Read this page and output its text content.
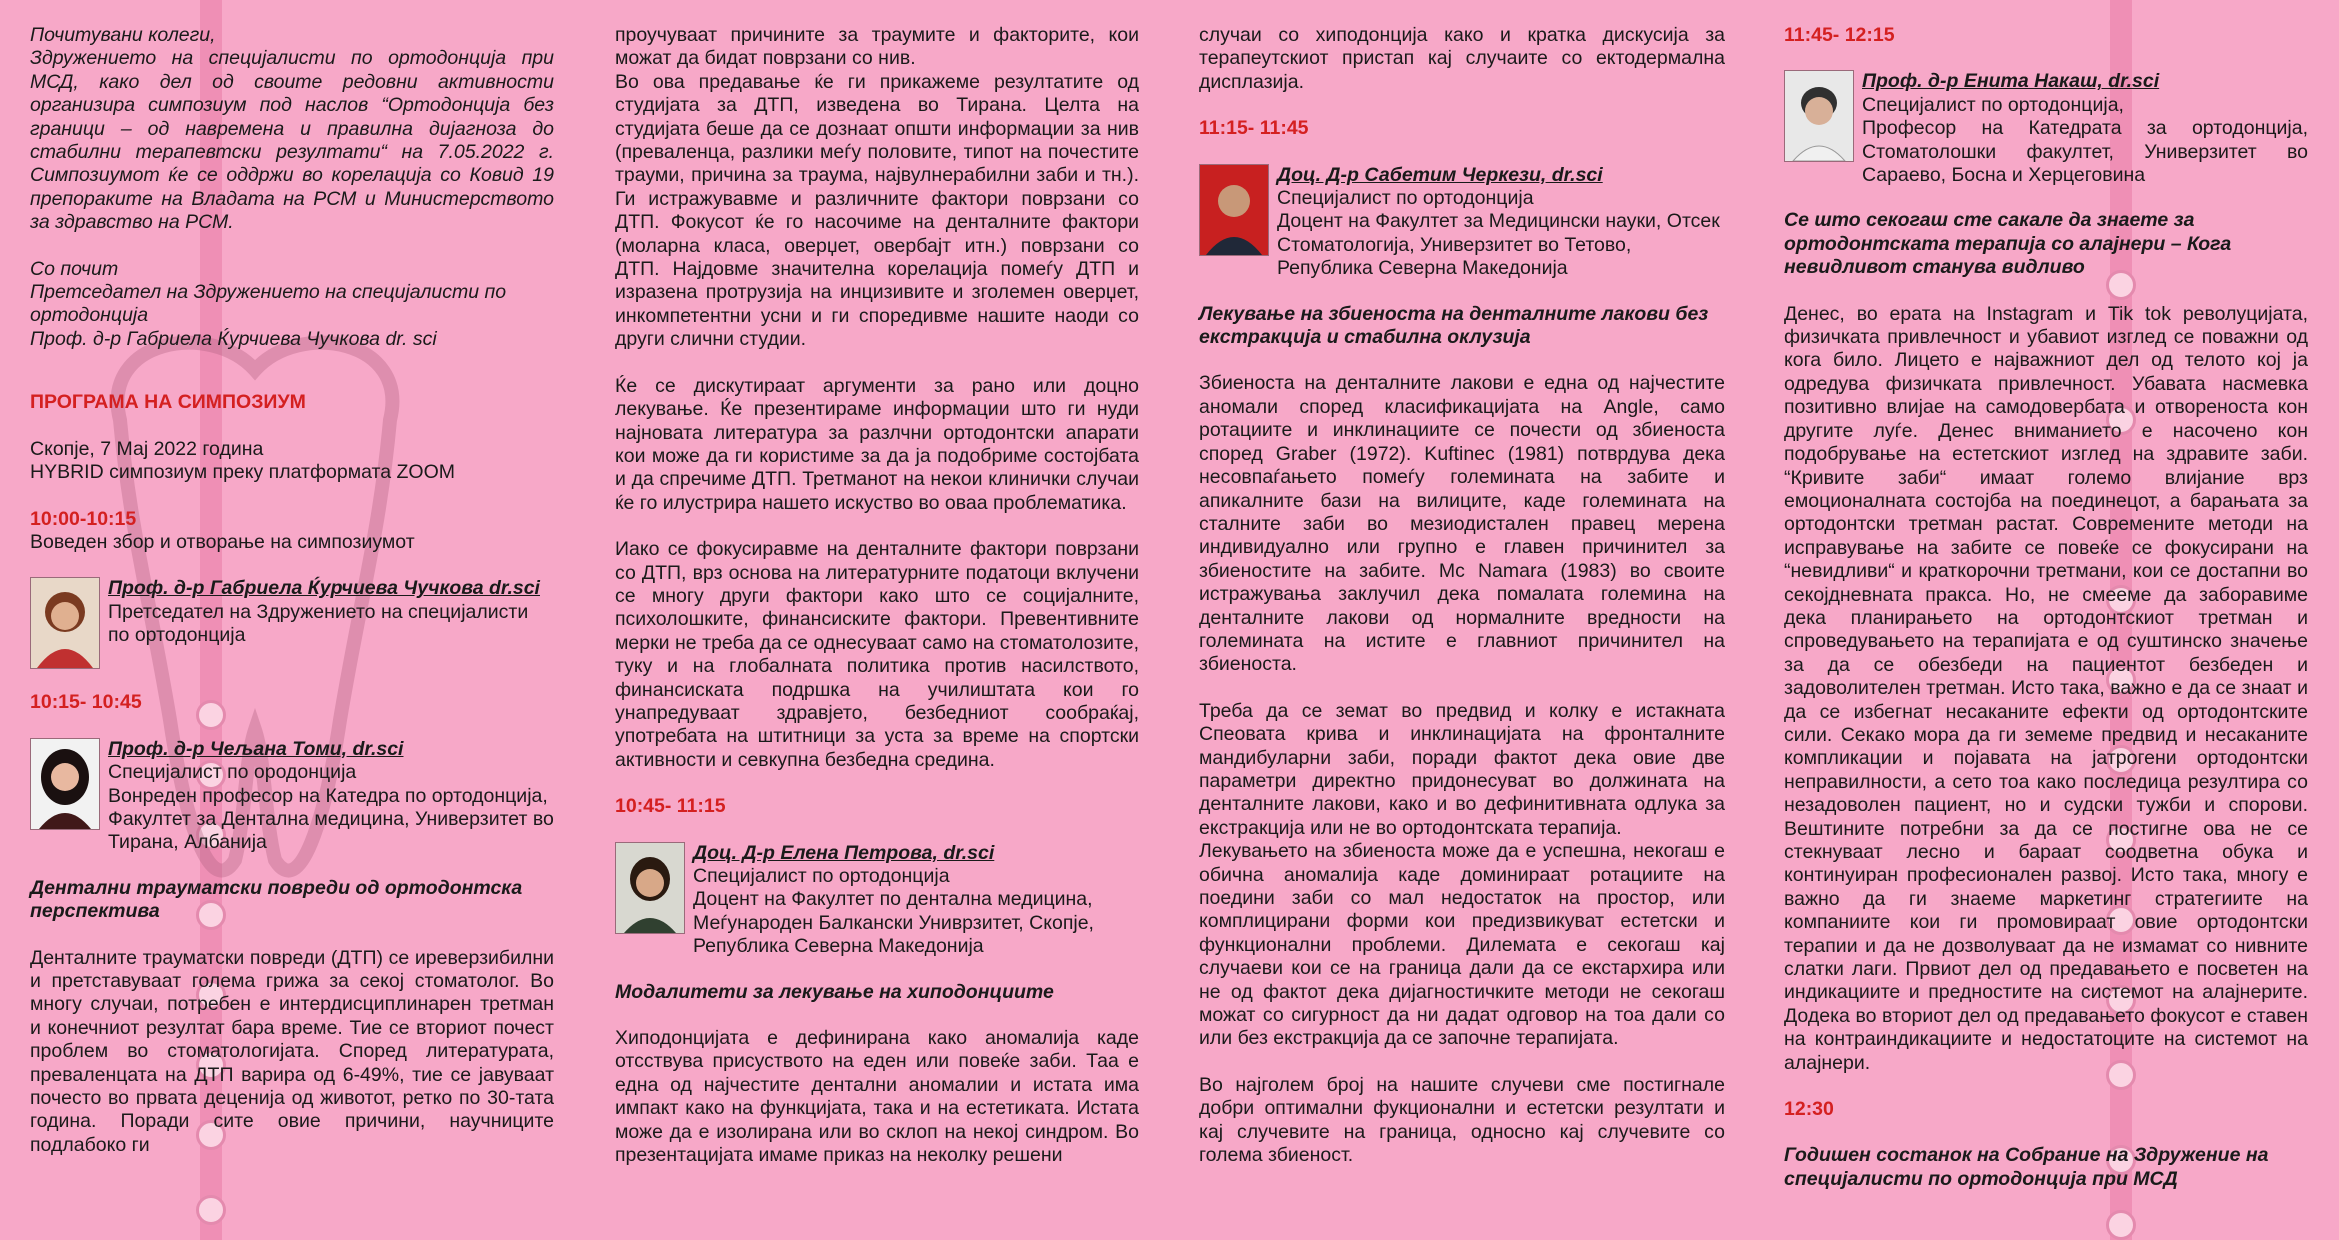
Почитувани колеги,

Здружението на специјалисти по ортодонција при МСД, како дел од своите редовни активности организира симпозиум под наслов “Ортодонција без граници – од навремена и правилна дијагноза до стабилни терапевтски резултати“ на 7.05.2022 г. Симпозиумот ќе се оддржи во корелација со Ковид 19 препораките на Владата на РСМ и Министерството за здравство на РСМ.

Со почит
Претседател на Здружението на специјалисти по ортодонција
Проф. д-р Габриела Ќурчиева Чучкова dr. sci
ПРОГРАМА НА СИМПОЗИУМ
Скопје, 7 Мај 2022 година
HYBRID симпозиум преку платформата ZOOM
10:00-10:15
Воведен збор и отворање на симпозиумот
Проф. д-р Габриела Ќурчиева Чучкова dr.sci
Претседател на Здружението на специјалисти по ортодонција
10:15- 10:45
Проф. д-р Чељана Toмu, dr.sci
Специјалист по ородонција
Вонреден професор на Катедра по ортодонција, Факултет за Дентална медицина, Универзитет во Тирана, Албанија
Дентални трауматски повреди од ортодонтска перспектива

Денталните трауматски повреди (ДТП) се иреверзибилни и претставуваат голема грижа за секој стоматолог. Во многу случаи, потребен е интердисциплинарен третман и конечниот резултат бара време. Тие се вториот почест проблем во стоматологијата. Според литературата, преваленцата на ДТП варира од 6-49%, тие се јавуваат почесто во првата деценија од животот, ретко по 30-тата година. Поради сите овие причини, научниците подлабоко ги

проучуваат причините за траумите и факторите, кои можат да бидат поврзани со нив.
Во ова предавање ќе ги прикажеме резултатите од студијата за ДТП, изведена во Тирана. Целта на студијата беше да се дознаат општи информации за нив (преваленца, разлики меѓу половите, типот на почестите трауми, причина за траума, највулнерабилни заби и тн.). Ги истражувавме и различните фактори поврзани со ДТП. Фокусот ќе го насочиме на денталните фактори (моларна класа, оверџет, овербајт итн.) поврзани со ДТП. Најдовме значителна корелација помеѓу ДТП и изразена протрузија на инцизивите и зголемен оверџет, инкомпетентни усни и ги споредивме нашите наоди со други слични студии.

Ќе се дискутираат аргументи за рано или доцно лекување. Ќе презентираме информации што ги нуди најновата литература за разлчни ортодонтски апарати кои може да ги користиме за да ја подобриме состојбата и да спречиме ДТП. Третманот на некои клинички случаи ќе го илустрира нашето искуство во оваа проблематика.

Иако се фокусиравме на денталните фактори поврзани со ДТП, врз основа на литературните податоци вклучени се многу други фактори како што се социјалните, психолошките, финансиските фактори. Превентивните мерки не треба да се однесуваат само на стоматолозите, туку и на глобалната политика против насилството, финансиската подршка на училиштата кои го унапредуваат здравјето, безбедниот сообраќај, употребата на штитници за уста за време на спортски активности и севкупна безбедна средина.

10:45- 11:15
Доц. Д-р Елена Петрова, dr.sci
Специјалист по ортодонција
Доцент на Факултет по дентална медицина, Меѓународен Балкански Униврзитет, Скопје, Република Северна Македонија
Модалитети за лекување на хиподонциите

Хиподонцијата е дефинирана како аномалија каде отсствува присуството на еден или повеќе заби. Таа е една од најчестите дентални аномалии и истата има импакт како на функцијата, така и на естетиката. Истата може да е изолирана или во склоп на некој синдром. Во презентацијата имаме приказ на неколку решени

случаи со хиподонција како и кратка дискусија за терапеутскиот пристап кај случаите со ектодермална дисплазија.

11:15- 11:45
Доц. Д-р Сабетим Черкези, dr.sci
Специјалист по ортодонција
Доцент на Факултет за Медицински науки, Отсек Стоматологија, Универзитет во Тетово, Република Северна Македонија
Лекување на збиеноста на денталните лакови без екстракција и стабилна оклузија

Збиеноста на денталните лакови е една од најчестите аномали според класификацијата на Angle, само ротациите и инклинациите се почести од збиеноста според Graber (1972). Kuftinec (1981) потврдува дека несовпаѓањето помеѓу големината на забите и апикалните бази на вилиците, каде големината на сталните заби во мезиодистален правец мерена индивидуално или групно е главен причинител за збиеностите на забите. Mc Namara (1983) во своите истражувања заклучил дека помалата големина на денталните лакови од нормалните вредности на големината на истите е главниот причинител на збиеноста.

Треба да се земат во предвид и колку е истакната Спеовата крива и инклинацијата на фронталните мандибуларни заби, поради фактот дека овие две параметри директно придонесуват во должината на денталните лакови, како и во дефинитивната одлука за екстракција или не во ортодонтската терапија.
Лекувањето на збиеноста може да е успешна, некогаш е обична аномалија каде доминираат ротациите на поедини заби со мал недостаток на простор, или комплицирани форми кои предизвикуват естетски и функционални проблеми. Дилемата е секогаш кај случаеви кои се на граница дали да се екстархира или не од фактот дека дијагностичките методи не секогаш можат со сигурност да ни дадат одговор на тоа дали со или без екстракција да се започне терапијата.

Во најголем број на нашите случеви сме постигнале добри оптимални фукционални и естетски резултати и кај случевите на граница, односно кај случевите со голема збиеност.

11:45- 12:15
Проф. д-р Енита Накаш, dr.sci
Специјалист по ортодонција,
Професор на Катедрата за ортодонција, Стоматолошки факултет, Универзитет во Сараево, Босна и Херцеговина
Се што секогаш сте сакале да знаете за ортодонтската терапија со алајнери – Кога невидливот станува видливо

Денес, во ерата на Instagram и Tik tok револуцијата, физичката привлечност и убавиот изглед се поважни од кога било. Лицето е најважниот дел од телото кој ја одредува физичката привлечност. Убавата насмевка позитивно влијае на самодовербата и отвореноста кон другите луѓе. Денес вниманието е насочено кон подобрување на естетскиот изглед на здравите заби. “Кривите заби“ имаат големо влијание врз емоционалната состојба на поединецот, а барањата за ортодонтски третман растат. Современите методи на исправување на забите се повеќе се фокусирани на “невидливи“ и краткорочни третмани, кои се достапни во секојдневната пракса. Но, не смееме да заборавиме дека планирањето на ортодонтскиот третман и спроведувањето на терапијата е од суштинско значење за да се обезбеди на пациентот безбеден и задоволителен третман. Исто така, важно е да се знаат и да се избегнат несаканите ефекти од ортодонтските сили. Секако мора да ги земеме предвид и несаканите компликации и појавата на јатрогени ортодонтски неправилности, а сето тоа како последица резултира со незадоволен пациент, но и судски тужби и спорови. Вештините потребни за да се постигне ова не се стекнуваат лесно и бараат соодветна обука и континуиран професионален развој. Исто така, многу е важно да ги знаеме маркетинг стратегиите на компаниите кои ги промовираат овие ортодонтски терапии и да не дозволуваат да не измамат со нивните слатки лаги. Првиот дел од предавањето е посветен на индикациите и предностите на системот на алајнерите. Додека во вториот дел од предавањето фокусот е ставен на контраиндикациите и недостатоците на системот на алајнери.

12:30
Годишен состанок на Собрание на Здружение на специјалисти по ортодонција при МСД
